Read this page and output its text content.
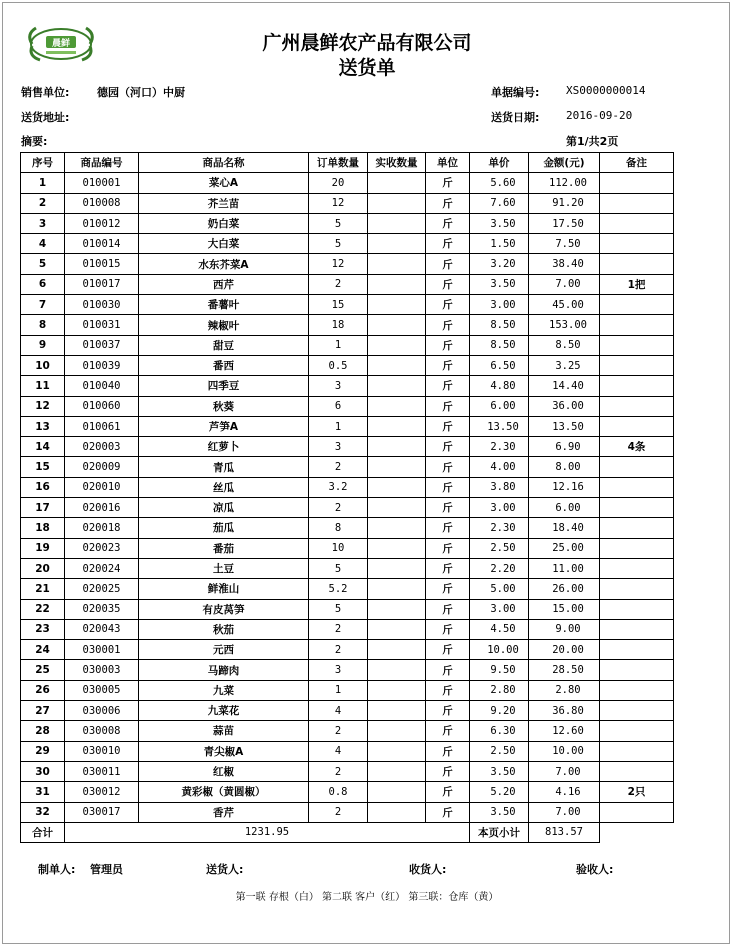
晨鲜	广州晨鲜农产品有限公司
送货单
销售单位:	德园（河口）中厨
送货地址:
摘要:
单据编号: XS0000000014
送货日期: 2016-09-20
第1/共2页
序号	商品编号	商品名称	订单数量	实收数量	单位	单价	金额(元)	备注
1	010001	菜心A	20		斤	5.60	112.00	
2	010008	芥兰苗	12		斤	7.60	91.20	
3	010012	奶白菜	5		斤	3.50	17.50	
4	010014	大白菜	5		斤	1.50	7.50	
5	010015	水东芥菜A	12		斤	3.20	38.40	
6	010017	西芹	2		斤	3.50	7.00	1把
7	010030	番薯叶	15		斤	3.00	45.00	
8	010031	辣椒叶	18		斤	8.50	153.00	
9	010037	甜豆	1		斤	8.50	8.50	
10	010039	番西	0.5		斤	6.50	3.25	
11	010040	四季豆	3		斤	4.80	14.40	
12	010060	秋葵	6		斤	6.00	36.00	
13	010061	芦笋A	1		斤	13.50	13.50	
14	020003	红萝卜	3		斤	2.30	6.90	4条
15	020009	青瓜	2		斤	4.00	8.00	
16	020010	丝瓜	3.2		斤	3.80	12.16	
17	020016	凉瓜	2		斤	3.00	6.00	
18	020018	茄瓜	8		斤	2.30	18.40	
19	020023	番茄	10		斤	2.50	25.00	
20	020024	土豆	5		斤	2.20	11.00	
21	020025	鲜淮山	5.2		斤	5.00	26.00	
22	020035	有皮莴笋	5		斤	3.00	15.00	
23	020043	秋茄	2		斤	4.50	9.00	
24	030001	元西	2		斤	10.00	20.00	
25	030003	马蹄肉	3		斤	9.50	28.50	
26	030005	九菜	1		斤	2.80	2.80	
27	030006	九菜花	4		斤	9.20	36.80	
28	030008	蒜苗	2		斤	6.30	12.60	
29	030010	青尖椒A	4		斤	2.50	10.00	
30	030011	红椒	2		斤	3.50	7.00	
31	030012	黄彩椒（黄圆椒）	0.8		斤	5.20	4.16	2只
32	030017	香芹	2		斤	3.50	7.00	
合计	1231.95					本页小计	813.57	
制单人: 管理员	送货人:	收货人:	验收人:
第一联 存根（白） 第二联 客户（红） 第三联：仓库（黄）
